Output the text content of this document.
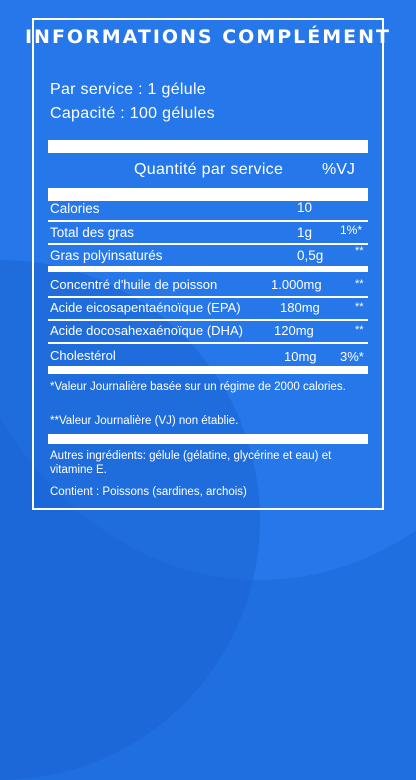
INFORMATIONS COMPLÉMENT
Par service : 1 gélule
Capacité : 100 gélules
Quantité par service %VJ
Calories	10
Total des gras	1g 1%*
Gras polyinsaturés	0,5g	**
Concentré d'huile de poisson	1.000mg	**
Acide eicosapentaénoïque (EPA)	180mg	**
Acide docosahexaénoïque (DHA) 120mg	**
Cholestérol	10mg 3%*
*Valeur Journalière basée sur un régime de 2000 calories.
**Valeur Journalière (VJ) non établie.
Autres ingrédients: gélule (gélatine, glycérine et eau) et vitamine E.
Contient : Poissons (sardines, archois)
